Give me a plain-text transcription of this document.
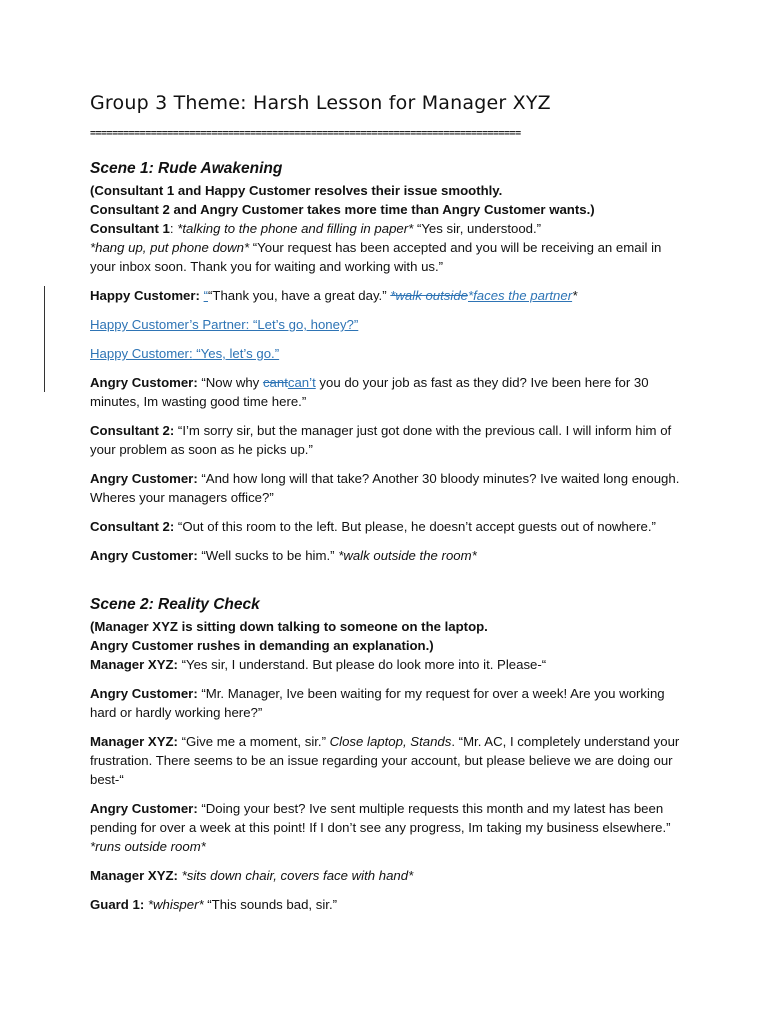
Group 3 Theme: Harsh Lesson for Manager XYZ
==============================================================================

Scene 1: Rude Awakening

(Consultant 1 and Happy Customer resolves their issue smoothly.

Consultant 2 and Angry Customer takes more time than Angry Customer wants.)

Consultant 1: *talking to the phone and filling in paper* “Yes sir, understood.”

*hang up, put phone down* “Your request has been accepted and you will be receiving an email in your inbox soon. Thank you for waiting and working with us.”

Happy Customer: ““Thank you, have a great day.” *walk outside*faces the partner*

Happy Customer’s Partner: “Let’s go, honey?”

Happy Customer: “Yes, let’s go.”

Angry Customer: “Now why cantcan’t you do your job as fast as they did? Ive been here for 30 minutes, Im wasting good time here.”

Consultant 2: “I’m sorry sir, but the manager just got done with the previous call. I will inform him of your problem as soon as he picks up.”

Angry Customer: “And how long will that take? Another 30 bloody minutes? Ive waited long enough. Wheres your managers office?”

Consultant 2: “Out of this room to the left. But please, he doesn’t accept guests out of nowhere.”

Angry Customer: “Well sucks to be him.” *walk outside the room*

Scene 2: Reality Check

(Manager XYZ is sitting down talking to someone on the laptop.

Angry Customer rushes in demanding an explanation.)

Manager XYZ: “Yes sir, I understand. But please do look more into it. Please-“

Angry Customer: “Mr. Manager, Ive been waiting for my request for over a week! Are you working hard or hardly working here?”

Manager XYZ: “Give me a moment, sir.” Close laptop, Stands. “Mr. AC, I completely understand your frustration. There seems to be an issue regarding your account, but please believe we are doing our best-“

Angry Customer: “Doing your best? Ive sent multiple requests this month and my latest has been pending for over a week at this point! If I don’t see any progress, Im taking my business elsewhere.”
*runs outside room*

Manager XYZ: *sits down chair, covers face with hand*

Guard 1: *whisper* “This sounds bad, sir.”
